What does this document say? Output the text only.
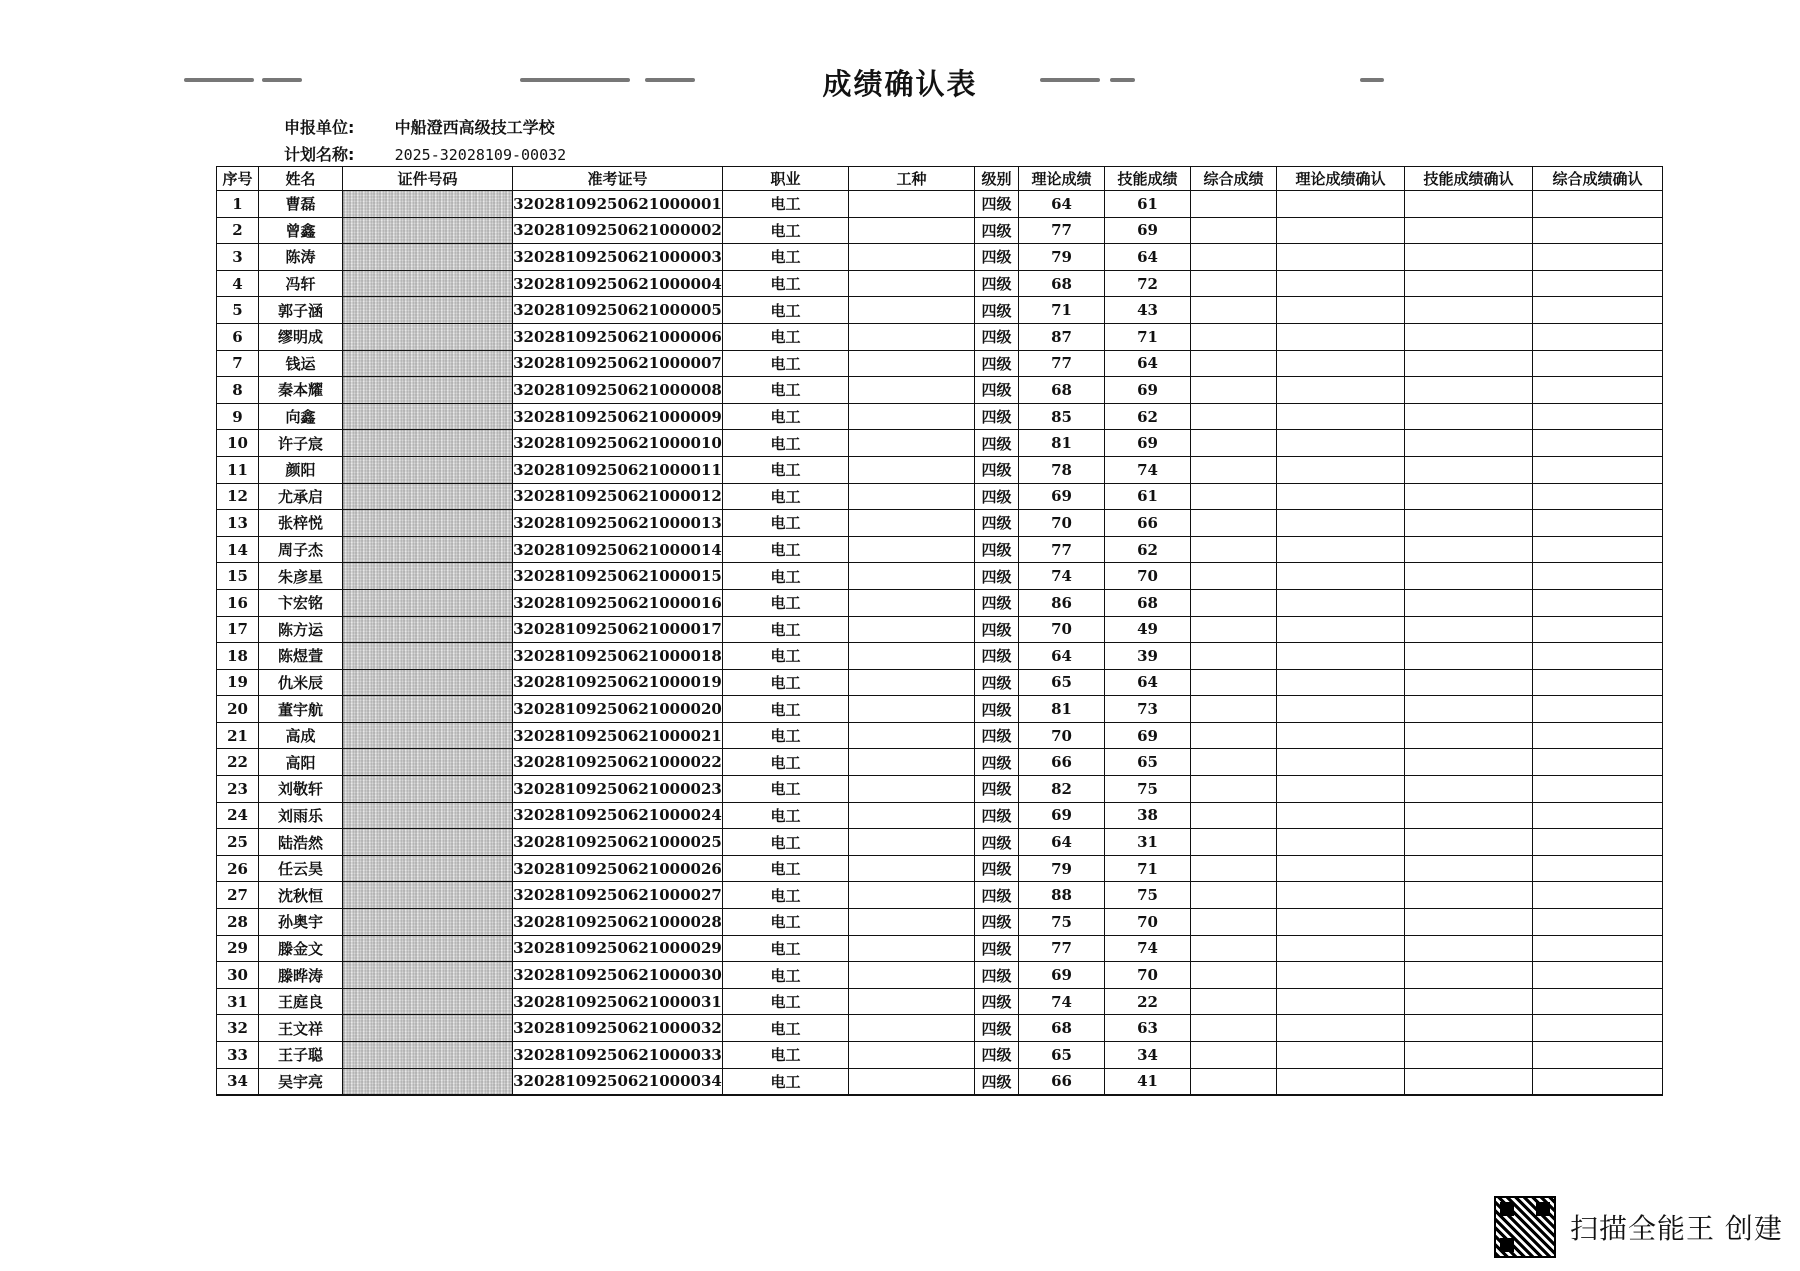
成绩确认表
申报单位:	中船澄西高级技工学校
计划名称:	2025-32028109-00032
序号	姓名	证件号码	准考证号	职业	工种	级别	理论成绩	技能成绩	综合成绩	理论成绩确认	技能成绩确认	综合成绩确认
1	曹磊		32028109250621000001	电工		四级	64	61				
2	曾鑫		32028109250621000002	电工		四级	77	69				
3	陈涛		32028109250621000003	电工		四级	79	64				
4	冯轩		32028109250621000004	电工		四级	68	72				
5	郭子涵		32028109250621000005	电工		四级	71	43				
6	缪明成		32028109250621000006	电工		四级	87	71				
7	钱运		32028109250621000007	电工		四级	77	64				
8	秦本耀		32028109250621000008	电工		四级	68	69				
9	向鑫		32028109250621000009	电工		四级	85	62				
10	许子宸		32028109250621000010	电工		四级	81	69				
11	颜阳		32028109250621000011	电工		四级	78	74				
12	尤承启		32028109250621000012	电工		四级	69	61				
13	张梓悦		32028109250621000013	电工		四级	70	66				
14	周子杰		32028109250621000014	电工		四级	77	62				
15	朱彦星		32028109250621000015	电工		四级	74	70				
16	卞宏铭		32028109250621000016	电工		四级	86	68				
17	陈方运		32028109250621000017	电工		四级	70	49				
18	陈煜萱		32028109250621000018	电工		四级	64	39				
19	仇米辰		32028109250621000019	电工		四级	65	64				
20	董宇航		32028109250621000020	电工		四级	81	73				
21	高成		32028109250621000021	电工		四级	70	69				
22	高阳		32028109250621000022	电工		四级	66	65				
23	刘敬轩		32028109250621000023	电工		四级	82	75				
24	刘雨乐		32028109250621000024	电工		四级	69	38				
25	陆浩然		32028109250621000025	电工		四级	64	31				
26	任云昊		32028109250621000026	电工		四级	79	71				
27	沈秋恒		32028109250621000027	电工		四级	88	75				
28	孙奥宇		32028109250621000028	电工		四级	75	70				
29	滕金文		32028109250621000029	电工		四级	77	74				
30	滕晔涛		32028109250621000030	电工		四级	69	70				
31	王庭良		32028109250621000031	电工		四级	74	22				
32	王文祥		32028109250621000032	电工		四级	68	63				
33	王子聪		32028109250621000033	电工		四级	65	34				
34	吴宇亮		32028109250621000034	电工		四级	66	41				
扫描全能王 创建
